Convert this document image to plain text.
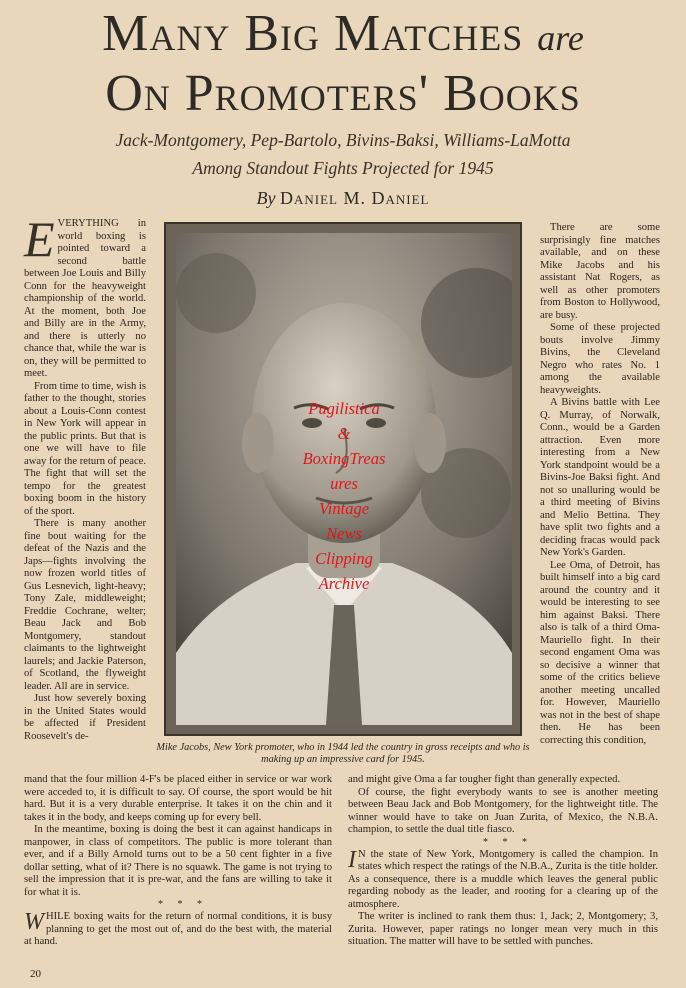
Many Big Matches are
On Promoters' Books
Jack-Montgomery, Pep-Bartolo, Bivins-Baksi, Williams-LaMotta
Among Standout Fights Projected for 1945
By Daniel M. Daniel

EVERYTHING in world boxing is pointed toward a second battle between Joe Louis and Billy Conn for the heavyweight championship of the world. At the moment, both Joe and Billy are in the Army, and there is utterly no chance that, while the war is on, they will be permitted to meet.

From time to time, wish is father to the thought, stories about a Louis-Conn contest in New York will appear in the public prints. But that is one we will have to file away for the return of peace. The fight that will set the tempo for the greatest boxing boom in the history of the sport.

There is many another fine bout waiting for the defeat of the Nazis and the Japs—fights involving the now frozen world titles of Gus Lesnevich, light-heavy; Tony Zale, middleweight; Freddie Cochrane, welter; Beau Jack and Bob Montgomery, standout claimants to the lightweight laurels; and Jackie Paterson, of Scotland, the flyweight leader. All are in service.

Just how severely boxing in the United States would be affected if President Roosevelt's de-

Pugilistica
&
BoxingTreas
ures
Vintage
News
Clipping
Archive
Mike Jacobs, New York promoter, who in 1944 led the country in gross receipts and who is making up an impressive card for 1945.

There are some surprisingly fine matches available, and on these Mike Jacobs and his assistant Nat Rogers, as well as other promoters from Boston to Hollywood, are busy.

Some of these projected bouts involve Jimmy Bivins, the Cleveland Negro who rates No. 1 among the available heavyweights.

A Bivins battle with Lee Q. Murray, of Norwalk, Conn., would be a Garden attraction. Even more interesting from a New York standpoint would be a Bivins-Joe Baksi fight. And not so unalluring would be a third meeting of Bivins and Melio Bettina. They have split two fights and a deciding fracas would pack New York's Garden.

Lee Oma, of Detroit, has built himself into a big card around the country and it would be interesting to see him against Baksi. There also is talk of a third Oma-Mauriello fight. In their second engament Oma was so decisive a winner that some of the critics believe another meeting uncalled for. However, Mauriello was not in the best of shape then. He has been correcting this condition,

mand that the four million 4-F's be placed either in service or war work were acceded to, it is difficult to say. Of course, the sport would be hit hard. But it is a very durable enterprise. It takes it on the chin and it takes it in the body, and keeps coming up for every bell.

In the meantime, boxing is doing the best it can against handicaps in manpower, in class of competitors. The public is more tolerant than ever, and if a Billy Arnold turns out to be a 50 cent fighter in a five dollar setting, what of it? There is no squawk. The game is not trying to sell the impression that it is pre-war, and the fans are willing to take it for what it is.

* * *

WHILE boxing waits for the return of normal conditions, it is busy planning to get the most out of, and do the best with, the material at hand.

and might give Oma a far tougher fight than generally expected.

Of course, the fight everybody wants to see is another meeting between Beau Jack and Bob Montgomery, for the lightweight title. The winner would have to take on Juan Zurita, of Mexico, the N.B.A. champion, to settle the dual title fiasco.

* * *

I N the state of New York, Montgomery is called the champion. In states which respect the ratings of the N.B.A., Zurita is the title holder. As a consequence, there is a muddle which leaves the general public regarding nobody as the leader, and rooting for a clearing up of the atmosphere.

The writer is inclined to rank them thus: 1, Jack; 2, Montgomery; 3, Zurita. However, paper ratings no longer mean very much in this situation. The matter will have to be settled with punches.

20
